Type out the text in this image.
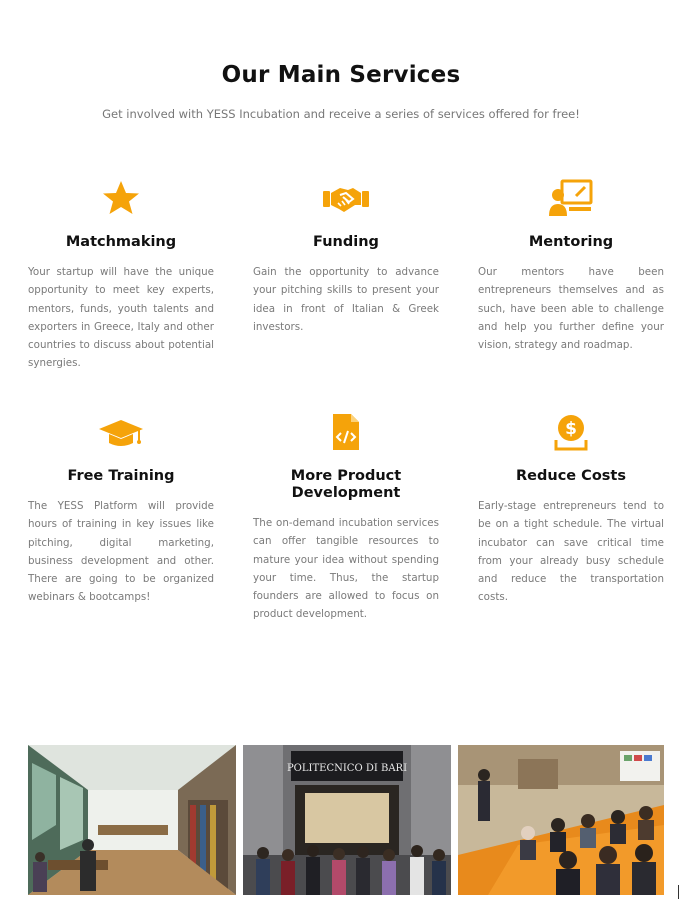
Our Main Services
Get involved with YESS Incubation and receive a series of services offered for free!
Matchmaking
Your startup will have the unique opportunity to meet key experts, mentors, funds, youth talents and exporters in Greece, Italy and other countries to discuss about potential synergies.
Funding
Gain the opportunity to advance your pitching skills to present your idea in front of Italian & Greek investors.
Mentoring
Our mentors have been entrepreneurs themselves and as such, have been able to challenge and help you further define your vision, strategy and roadmap.
Free Training
The YESS Platform will provide hours of training in key issues like pitching, digital marketing, business development and other. There are going to be organized webinars & bootcamps!
More Product
Development
The on-demand incubation services can offer tangible resources to mature your idea without spending your time. Thus, the startup founders are allowed to focus on product development.
$
Reduce Costs
Early-stage entrepreneurs tend to be on a tight schedule. The virtual incubator can save critical time from your already busy schedule and reduce the transportation costs.
POLITECNICO DI BARI
